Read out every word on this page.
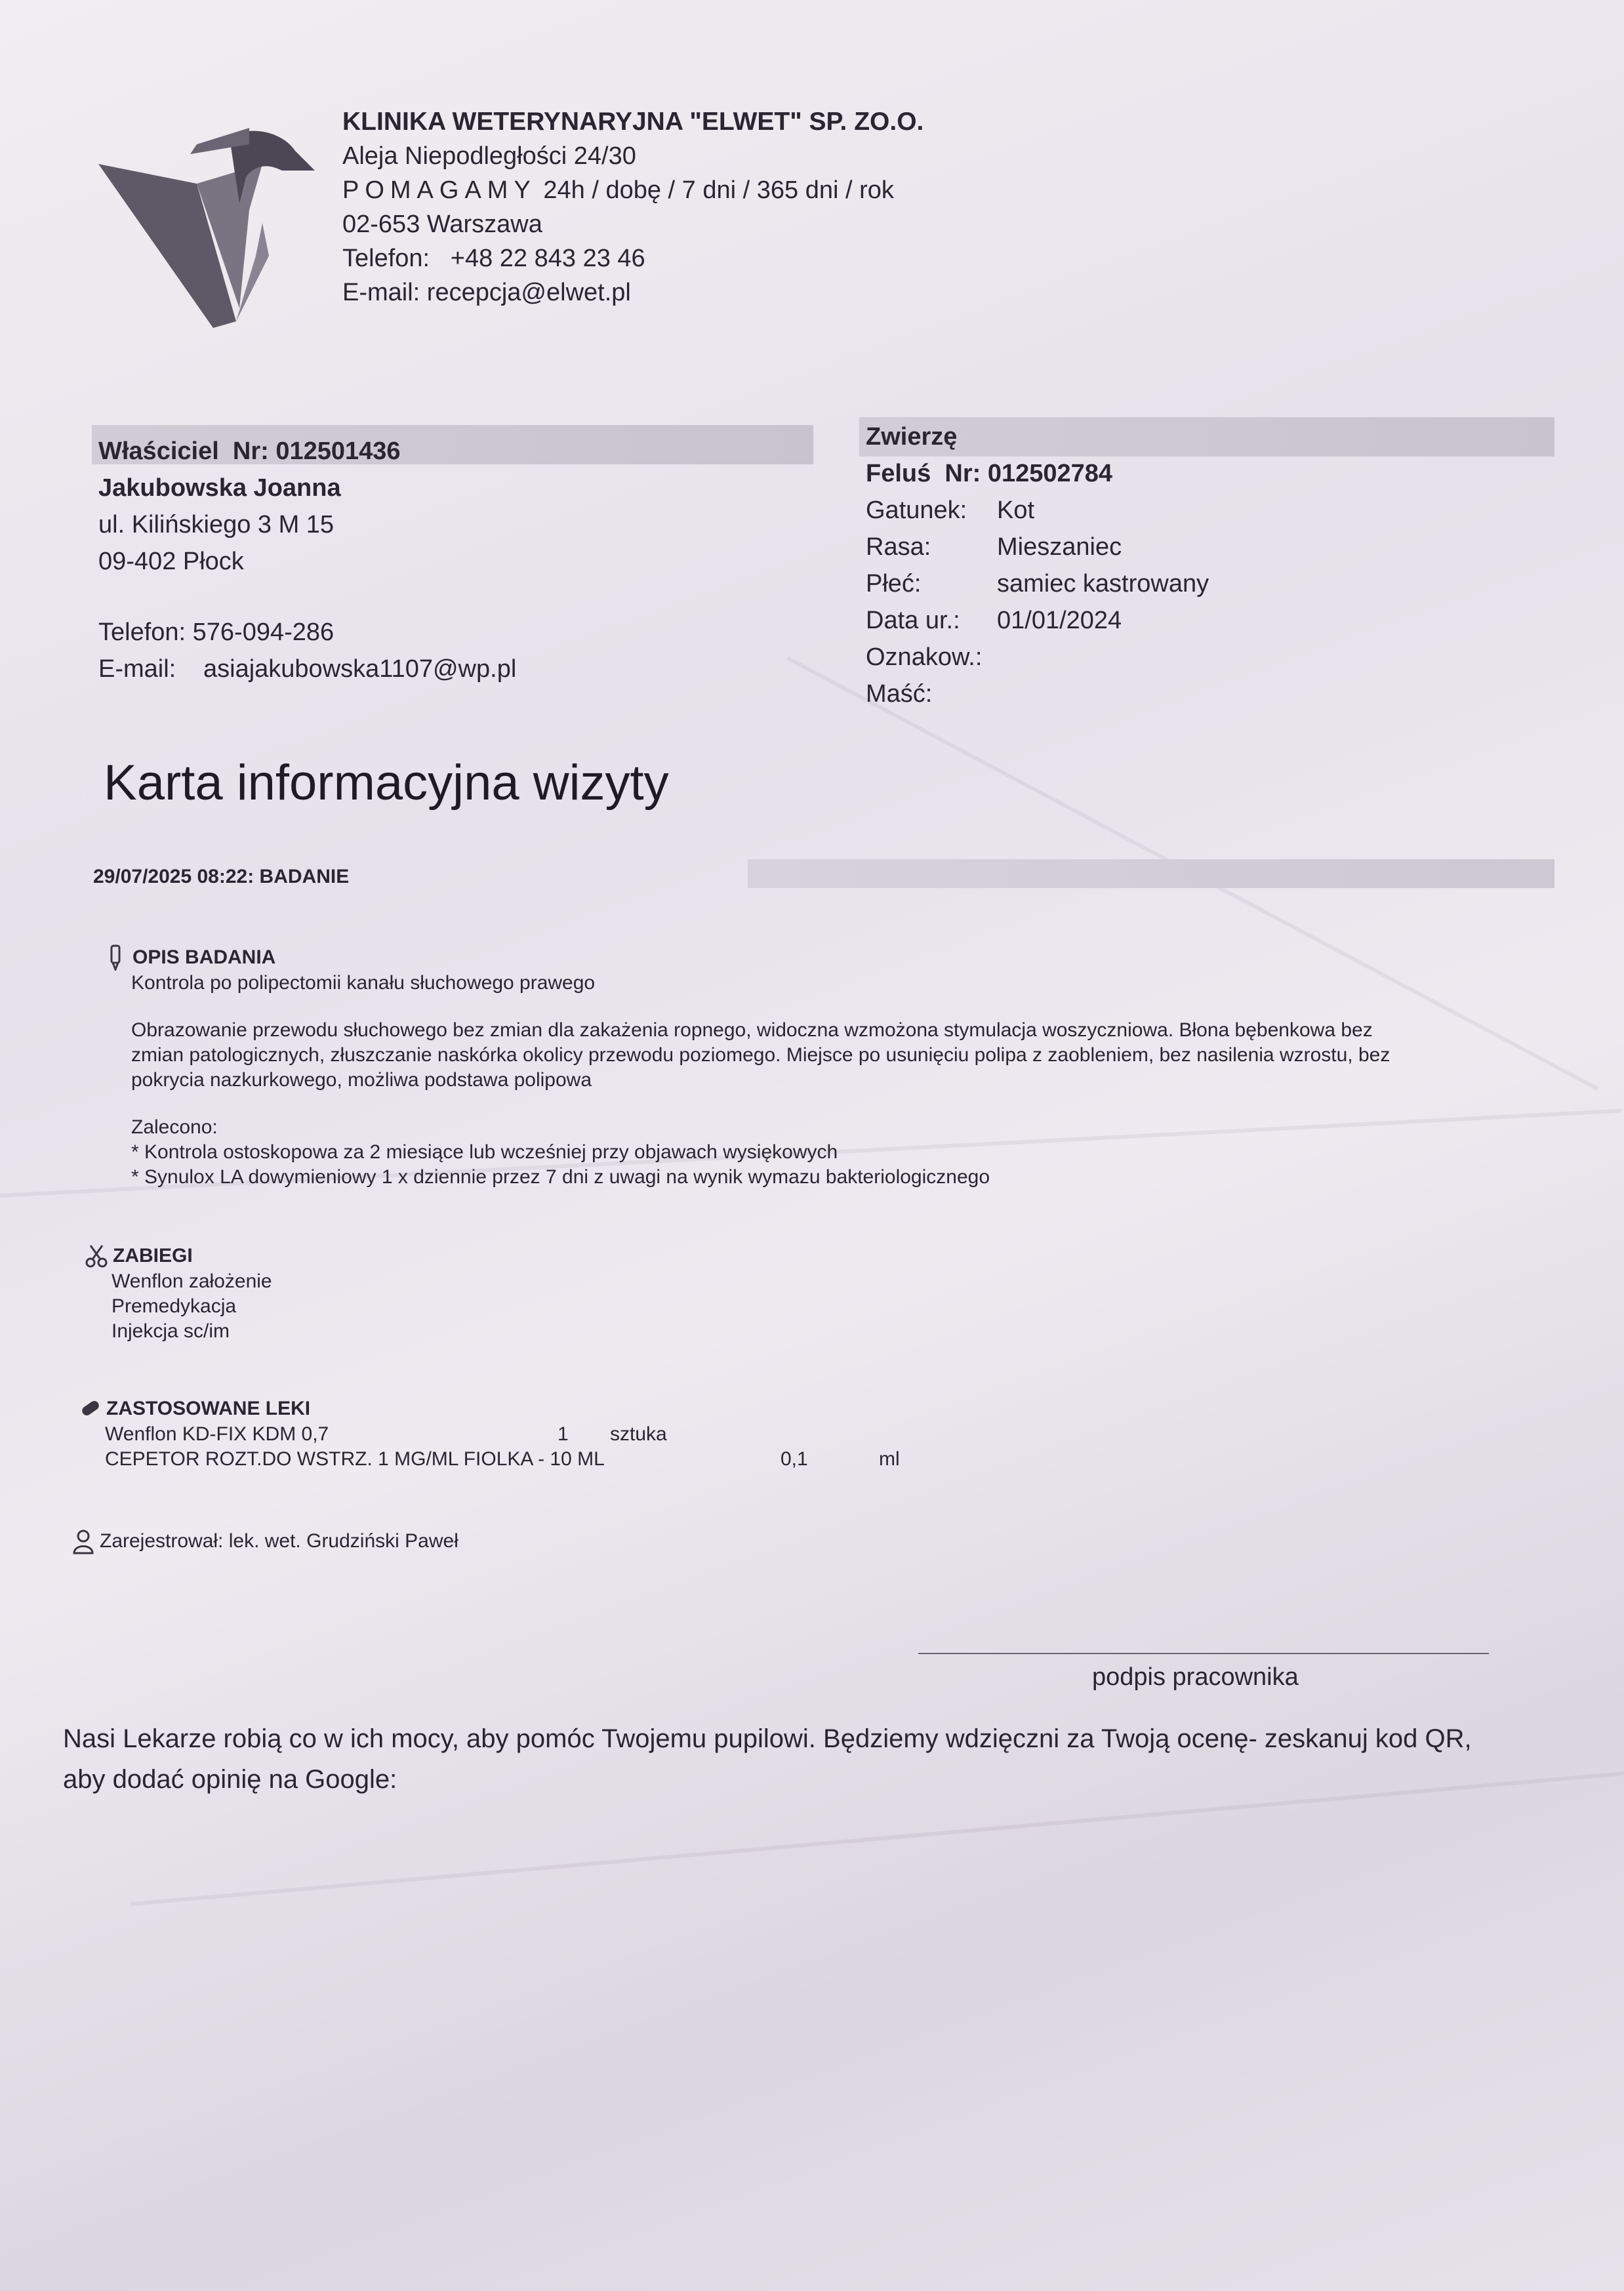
KLINIKA WETERYNARYJNA "ELWET" SP. ZO.O.
Aleja Niepodległości 24/30
POMAGAMY 24h / dobę / 7 dni / 365 dni / rok
02-653 Warszawa
Telefon: +48 22 843 23 46
E-mail: recepcja@elwet.pl
Właściciel Nr: 012501436
Jakubowska Joanna
ul. Kilińskiego 3 M 15
09-402 Płock
Telefon: 576-094-286
E-mail: asiajakubowska1107@wp.pl
Zwierzę
Feluś Nr: 012502784
Gatunek:	Kot
Rasa:	Mieszaniec
Płeć:	samiec kastrowany
Data ur.:	01/01/2024
Oznakow.:
Maść:
Karta informacyjna wizyty
29/07/2025 08:22: BADANIE
OPIS BADANIA
Kontrola po polipectomii kanału słuchowego prawego
Obrazowanie przewodu słuchowego bez zmian dla zakażenia ropnego, widoczna wzmożona stymulacja woszyczniowa. Błona bębenkowa bez
zmian patologicznych, złuszczanie naskórka okolicy przewodu poziomego. Miejsce po usunięciu polipa z zaobleniem, bez nasilenia wzrostu, bez
pokrycia nazkurkowego, możliwa podstawa polipowa
Zalecono:
* Kontrola ostoskopowa za 2 miesiące lub wcześniej przy objawach wysiękowych
* Synulox LA dowymieniowy 1 x dziennie przez 7 dni z uwagi na wynik wymazu bakteriologicznego
ZABIEGI
Wenflon założenie
Premedykacja
Injekcja sc/im
ZASTOSOWANE LEKI
Wenflon KD-FIX KDM 0,7	1	sztuka
CEPETOR ROZT.DO WSTRZ. 1 MG/ML FIOLKA - 10 ML	0,1	ml
Zarejestrował: lek. wet. Grudziński Paweł
podpis pracownika
Nasi Lekarze robią co w ich mocy, aby pomóc Twojemu pupilowi. Będziemy wdzięczni za Twoją ocenę- zeskanuj kod QR, aby dodać opinię na Google:
